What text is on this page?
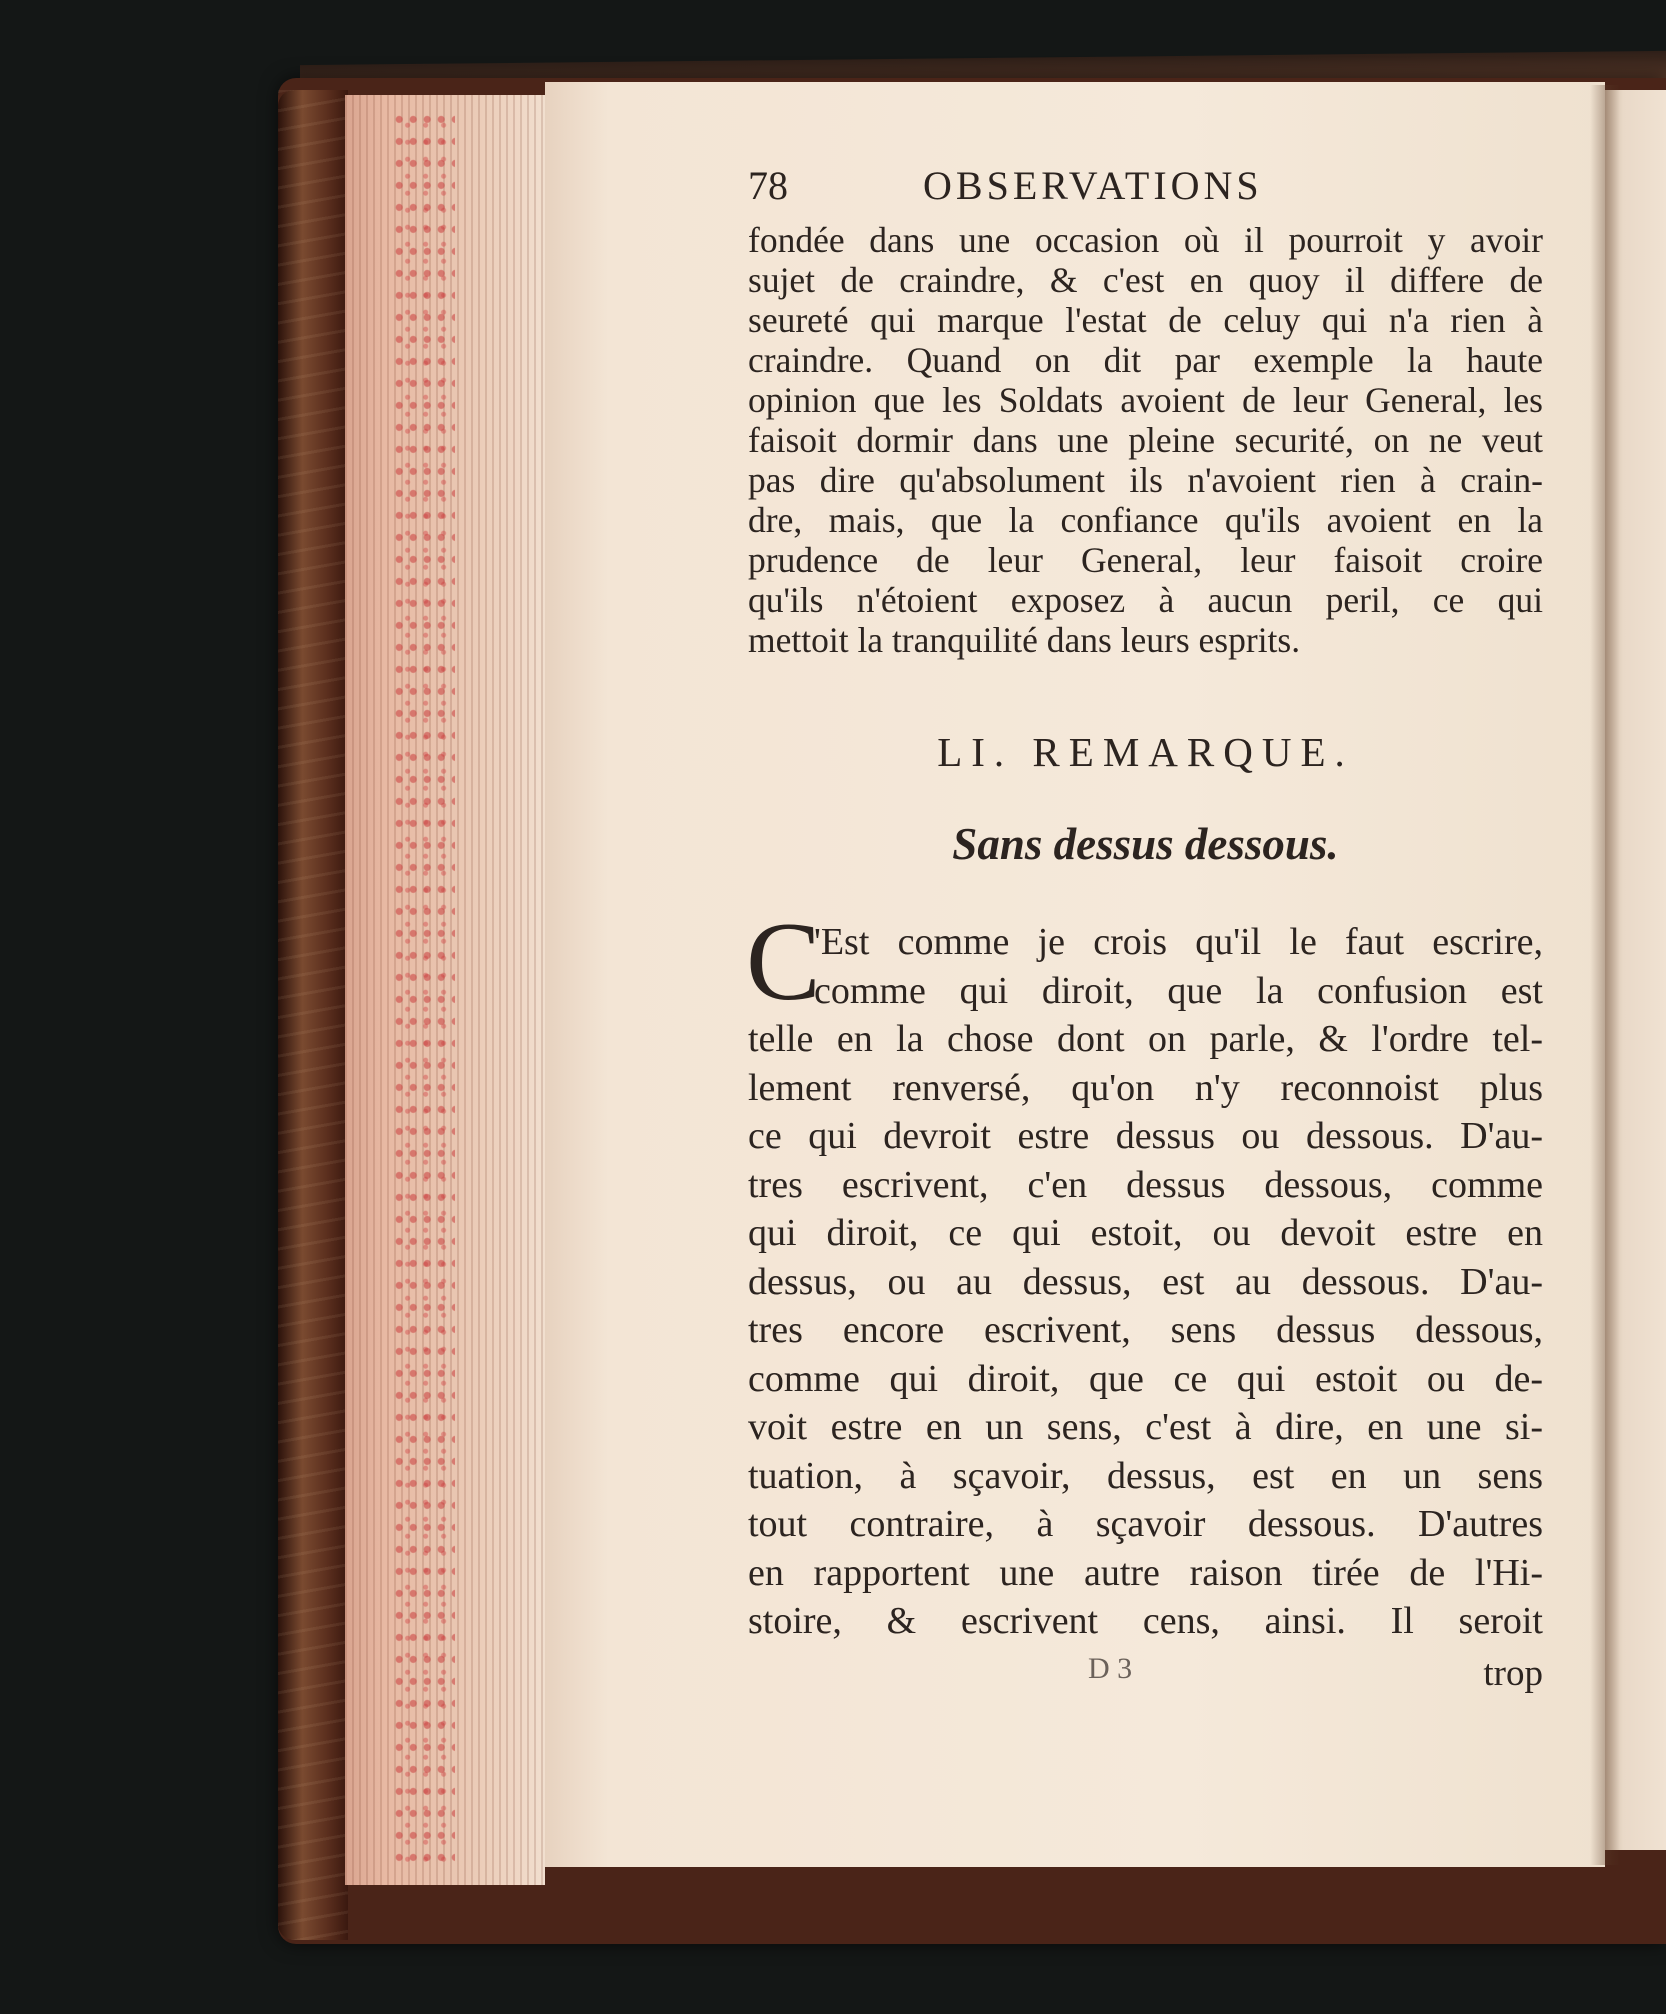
78	OBSERVATIONS
fondée dans une occasion où il pourroit y avoir
sujet de craindre, & c'est en quoy il differe de
seureté qui marque l'estat de celuy qui n'a rien à
craindre. Quand on dit par exemple la haute
opinion que les Soldats avoient de leur General, les
faisoit dormir dans une pleine securité, on ne veut
pas dire qu'absolument ils n'avoient rien à crain-
dre, mais, que la confiance qu'ils avoient en la
prudence de leur General, leur faisoit croire
qu'ils n'étoient exposez à aucun peril, ce qui
mettoit la tranquilité dans leurs esprits.
LI. REMARQUE.
Sans dessus dessous.
C
'Est comme je crois qu'il le faut escrire,
comme qui diroit, que la confusion est
telle en la chose dont on parle, & l'ordre tel-
lement renversé, qu'on n'y reconnoist plus
ce qui devroit estre dessus ou dessous. D'au-
tres escrivent, c'en dessus dessous, comme
qui diroit, ce qui estoit, ou devoit estre en
dessus, ou au dessus, est au dessous. D'au-
tres encore escrivent, sens dessus dessous,
comme qui diroit, que ce qui estoit ou de-
voit estre en un sens, c'est à dire, en une si-
tuation, à sçavoir, dessus, est en un sens
tout contraire, à sçavoir dessous. D'autres
en rapportent une autre raison tirée de l'Hi-
stoire, & escrivent cens, ainsi. Il seroit
D 3	trop
